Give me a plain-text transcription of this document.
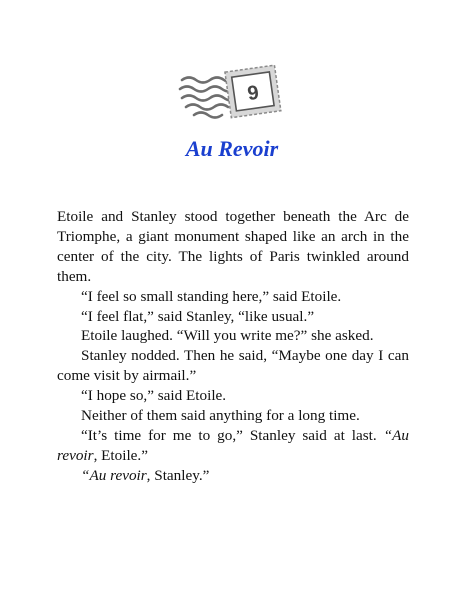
9
Au Revoir

Etoile and Stanley stood together beneath the Arc de Triomphe, a giant monument shaped like an arch in the center of the city. The lights of Paris twinkled around them.

“I feel so small standing here,” said Etoile.

“I feel flat,” said Stanley, “like usual.”

Etoile laughed. “Will you write me?” she asked.

Stanley nodded. Then he said, “Maybe one day I can come visit by airmail.”

“I hope so,” said Etoile.

Neither of them said anything for a long time.

“It’s time for me to go,” Stanley said at last. “Au revoir, Etoile.”

“Au revoir, Stanley.”
